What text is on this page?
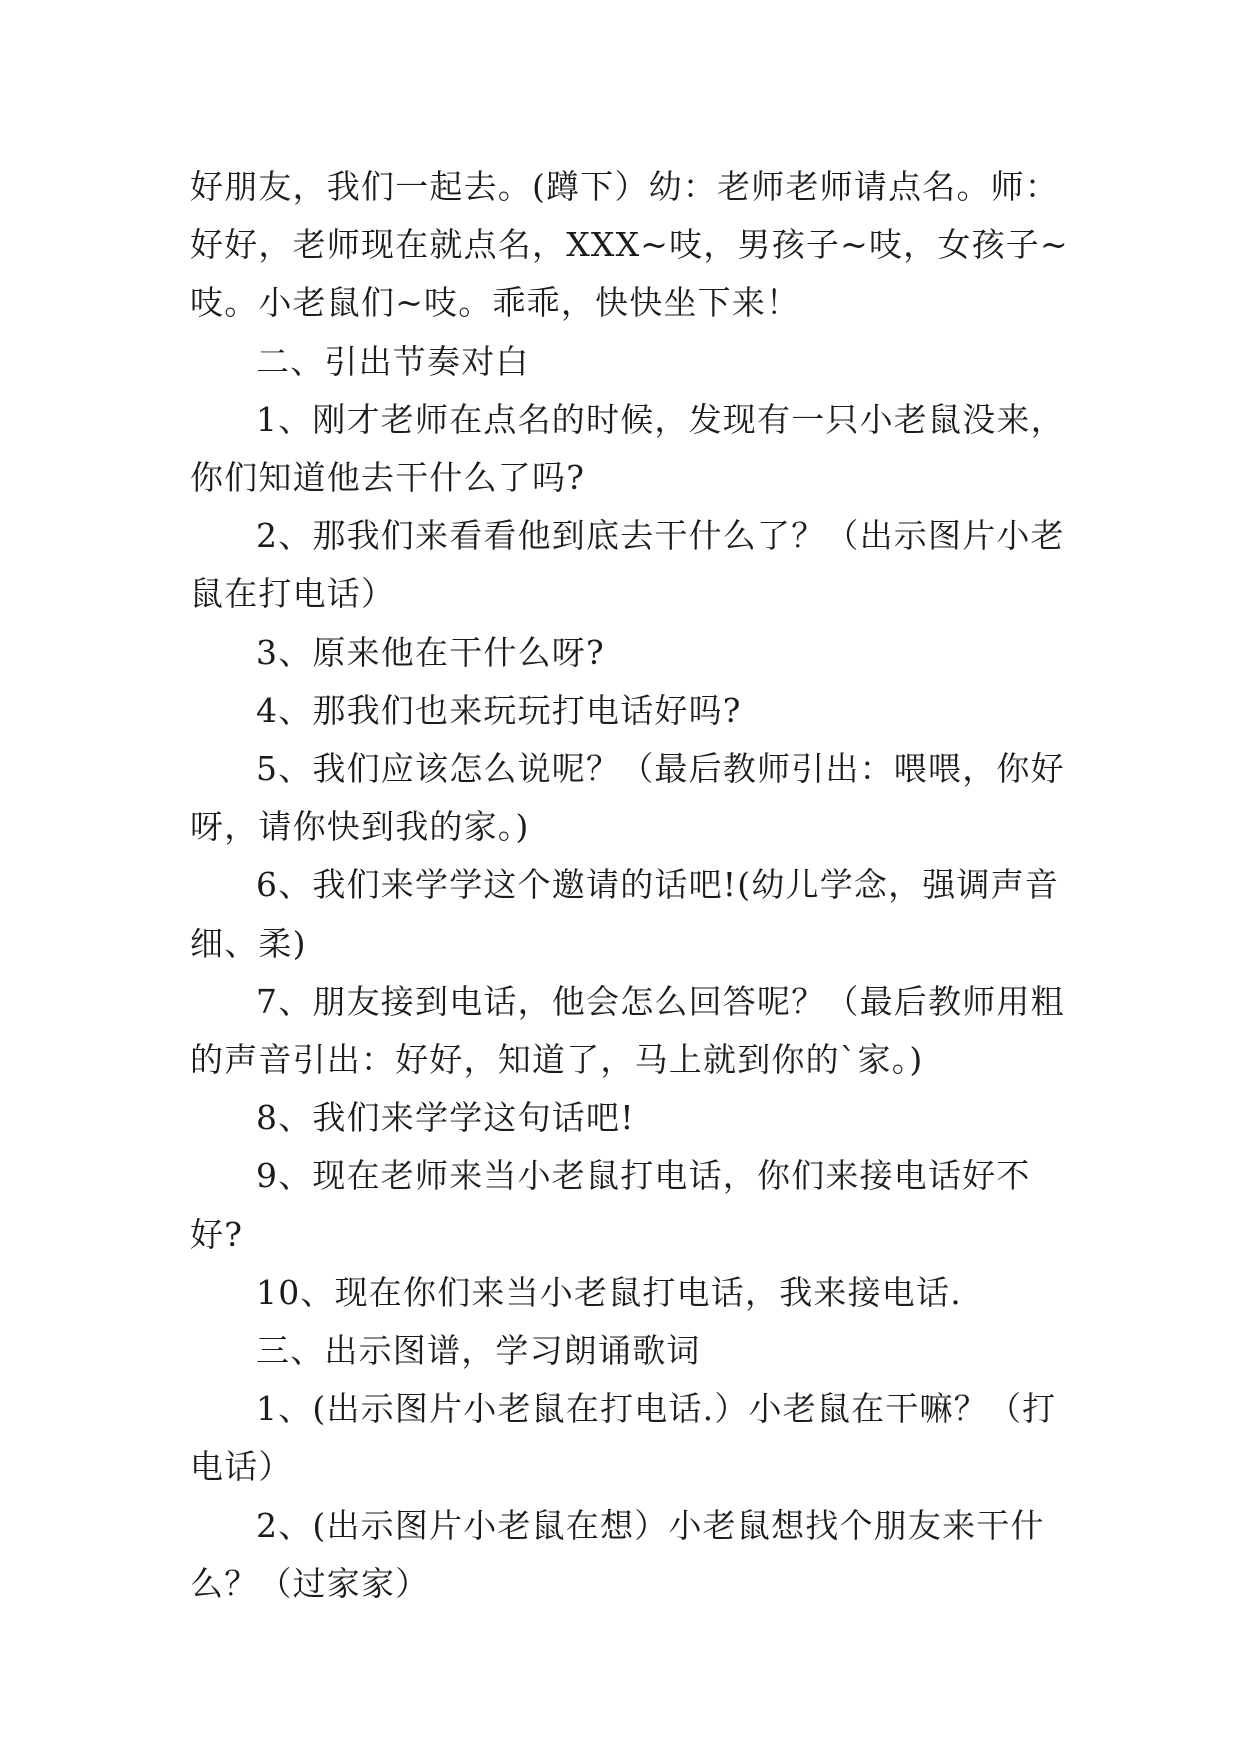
好朋友，我们一起去。(蹲下）幼：老师老师请点名。师：好好，老师现在就点名，XXX~吱，男孩子~吱，女孩子~吱。小老鼠们~吱。乖乖，快快坐下来！

二、引出节奏对白

1、刚才老师在点名的时候，发现有一只小老鼠没来，你们知道他去干什么了吗?

2、那我们来看看他到底去干什么了？（出示图片小老鼠在打电话）

3、原来他在干什么呀?

4、那我们也来玩玩打电话好吗?

5、我们应该怎么说呢？（最后教师引出：喂喂，你好呀，请你快到我的家。)

6、我们来学学这个邀请的话吧!(幼儿学念，强调声音细、柔)

7、朋友接到电话，他会怎么回答呢？（最后教师用粗的声音引出：好好，知道了，马上就到你的`家。)

8、我们来学学这句话吧!

9、现在老师来当小老鼠打电话，你们来接电话好不好?

10、现在你们来当小老鼠打电话，我来接电话.

三、出示图谱，学习朗诵歌词

1、(出示图片小老鼠在打电话.）小老鼠在干嘛？（打电话）

2、(出示图片小老鼠在想）小老鼠想找个朋友来干什么？（过家家）
